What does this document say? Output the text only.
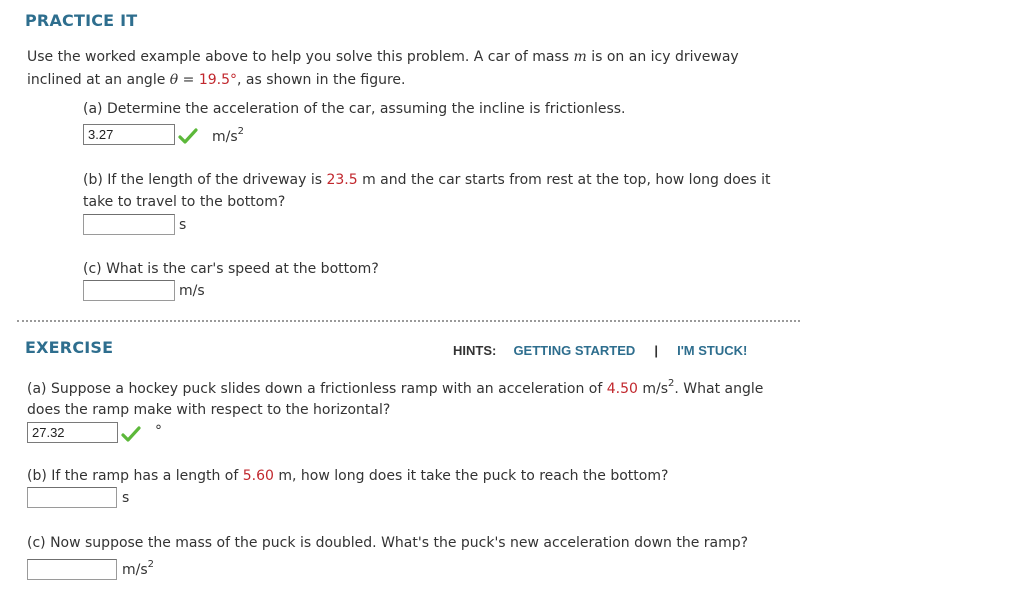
PRACTICE IT
Use the worked example above to help you solve this problem. A car of mass m is on an icy driveway
inclined at an angle θ = 19.5°, as shown in the figure.
(a) Determine the acceleration of the car, assuming the incline is frictionless.
3.27	$m/s^2$
(b) If the length of the driveway is 23.5 m and the car starts from rest at the top, how long does it
take to travel to the bottom?
s
(c) What is the car's speed at the bottom?
m/s
EXERCISE	HINTS: GETTING STARTED | I'M STUCK!
(a) Suppose a hockey puck slides down a frictionless ramp with an acceleration of 4.50 $m/s^2$. What angle
does the ramp make with respect to the horizontal?
27.32	°
(b) If the ramp has a length of 5.60 m, how long does it take the puck to reach the bottom?
s
(c) Now suppose the mass of the puck is doubled. What's the puck's new acceleration down the ramp?
$m/s^2$
